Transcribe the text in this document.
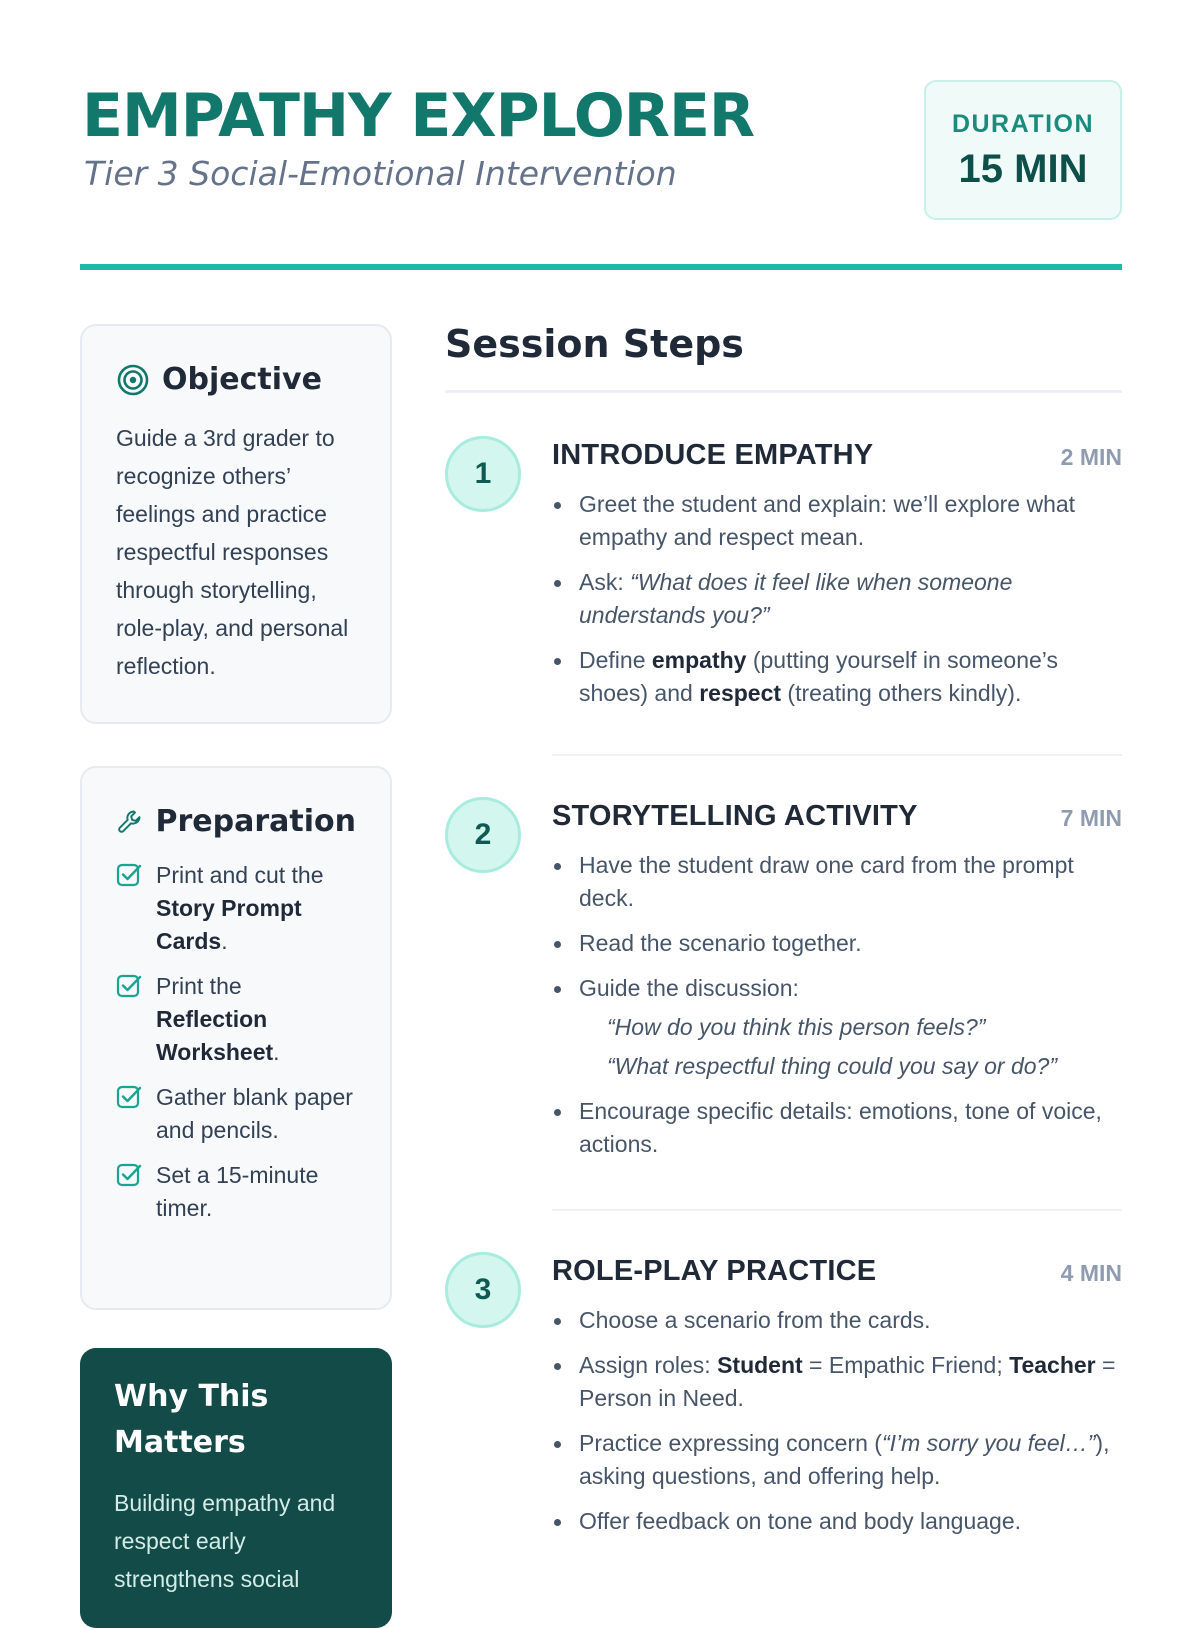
EMPATHY EXPLORER
Tier 3 Social-Emotional Intervention
DURATION
15 MIN
Objective

Guide a 3rd grader to recognize others’ feelings and practice respectful responses through storytelling, role-play, and personal reflection.

Preparation
Print and cut the Story Prompt Cards.
Print the Reflection Worksheet.
Gather blank paper and pencils.
Set a 15-minute timer.
Why This Matters

Building empathy and respect early strengthens social

Session Steps
1
INTRODUCE EMPATHY	2 MIN
Greet the student and explain: we’ll explore what empathy and respect mean.
Ask: “What does it feel like when someone understands you?”
Define empathy (putting yourself in someone’s shoes) and respect (treating others kindly).
2
STORYTELLING ACTIVITY	7 MIN
Have the student draw one card from the prompt deck.
Read the scenario together.
Guide the discussion:
“How do you think this person feels?”
“What respectful thing could you say or do?”
Encourage specific details: emotions, tone of voice, actions.
3
ROLE-PLAY PRACTICE	4 MIN
Choose a scenario from the cards.
Assign roles: Student = Empathic Friend; Teacher = Person in Need.
Practice expressing concern (“I’m sorry you feel…”), asking questions, and offering help.
Offer feedback on tone and body language.
